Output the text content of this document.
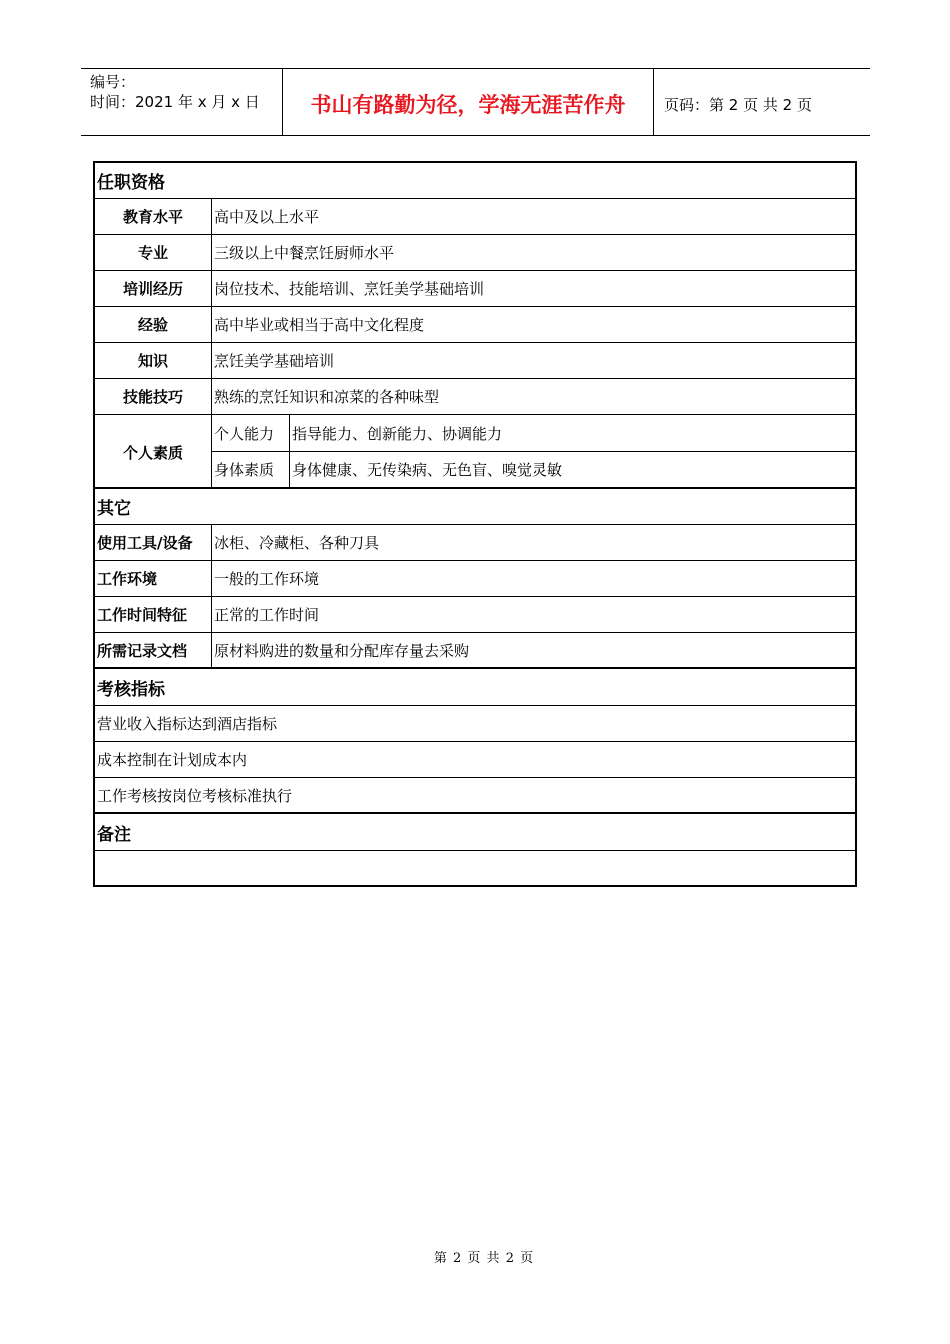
编号：
时间：2021 年 x 月 x 日	书山有路勤为径，学海无涯苦作舟	页码：第 2 页 共 2 页
任职资格
教育水平	高中及以上水平
专业	三级以上中餐烹饪厨师水平
培训经历	岗位技术、技能培训、烹饪美学基础培训
经验	高中毕业或相当于高中文化程度
知识	烹饪美学基础培训
技能技巧	熟练的烹饪知识和凉菜的各种味型
个人素质
个人能力	指导能力、创新能力、协调能力
身体素质	身体健康、无传染病、无色盲、嗅觉灵敏
其它
使用工具/设备	冰柜、冷藏柜、各种刀具
工作环境	一般的工作环境
工作时间特征	正常的工作时间
所需记录文档	原材料购进的数量和分配库存量去采购
考核指标
营业收入指标达到酒店指标
成本控制在计划成本内
工作考核按岗位考核标准执行
备注
第 2 页 共 2 页
